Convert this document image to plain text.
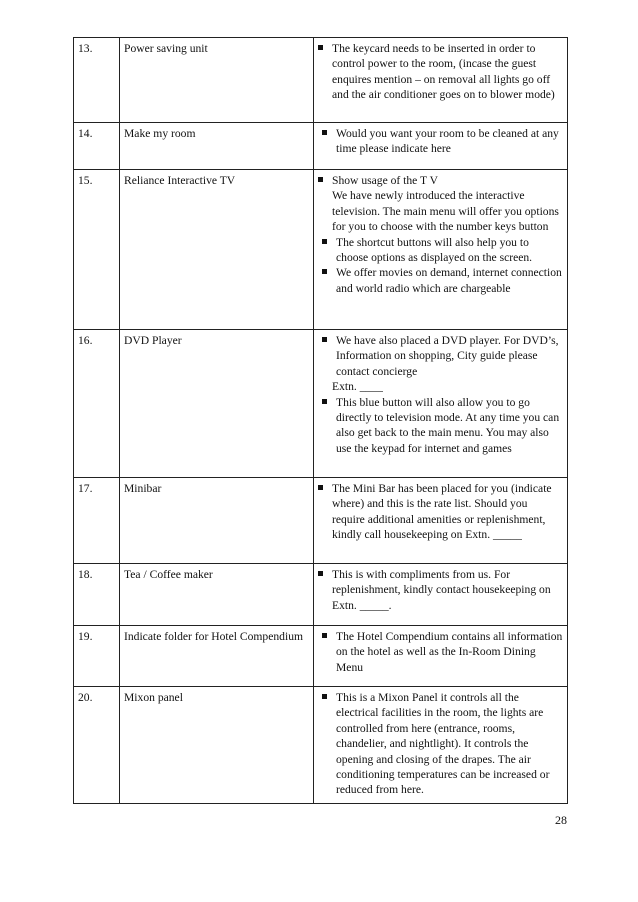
13.	Power saving unit	The keycard needs to be inserted in order to control power to the room, (incase the guest enquires mention – on removal all lights go off and the air conditioner goes on to blower mode)

14.	Make my room	Would you want your room to be cleaned at any time please indicate here

15.	Reliance Interactive TV	Show usage of the T V
We have newly introduced the interactive television. The main menu will offer you options for you to choose with the number keys button
The shortcut buttons will also help you to choose options as displayed on the screen.
We offer movies on demand, internet connection and world radio which are chargeable

16.	DVD Player	We have also placed a DVD player. For DVD’s, Information on shopping, City guide please contact concierge
Extn. ____
This blue button will also allow you to go directly to television mode. At any time you can also get back to the main menu. You may also use the keypad for internet and games

17.	Minibar	The Mini Bar has been placed for you (indicate where) and this is the rate list. Should you require additional amenities or replenishment, kindly call housekeeping on Extn. _____

18.	Tea / Coffee maker	This is with compliments from us. For replenishment, kindly contact housekeeping on Extn. _____.

19.	Indicate folder for Hotel Compendium	The Hotel Compendium contains all information on the hotel as well as the In-Room Dining Menu

20.	Mixon panel	This is a Mixon Panel it controls all the electrical facilities in the room, the lights are controlled from here (entrance, rooms, chandelier, and nightlight). It controls the opening and closing of the drapes. The air conditioning temperatures can be increased or reduced from here.
28
